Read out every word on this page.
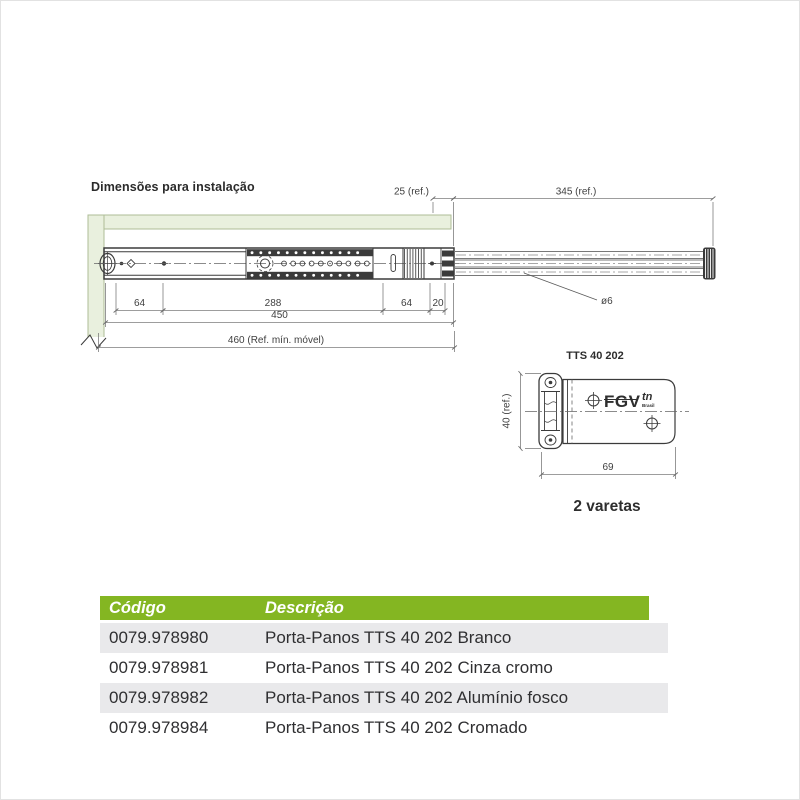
Dimensões para instalação
ø6
25 (ref.)	345 (ref.)
64	288	64 20
450
460 (Ref. mín. móvel)
TTS 40 202
FGV tn
Brasil
40 (ref.)
69
2 varetas
Código	Descrição
0079.978980	Porta-Panos TTS 40 202 Branco
0079.978981	Porta-Panos TTS 40 202 Cinza cromo
0079.978982	Porta-Panos TTS 40 202 Alumínio fosco
0079.978984	Porta-Panos TTS 40 202 Cromado
